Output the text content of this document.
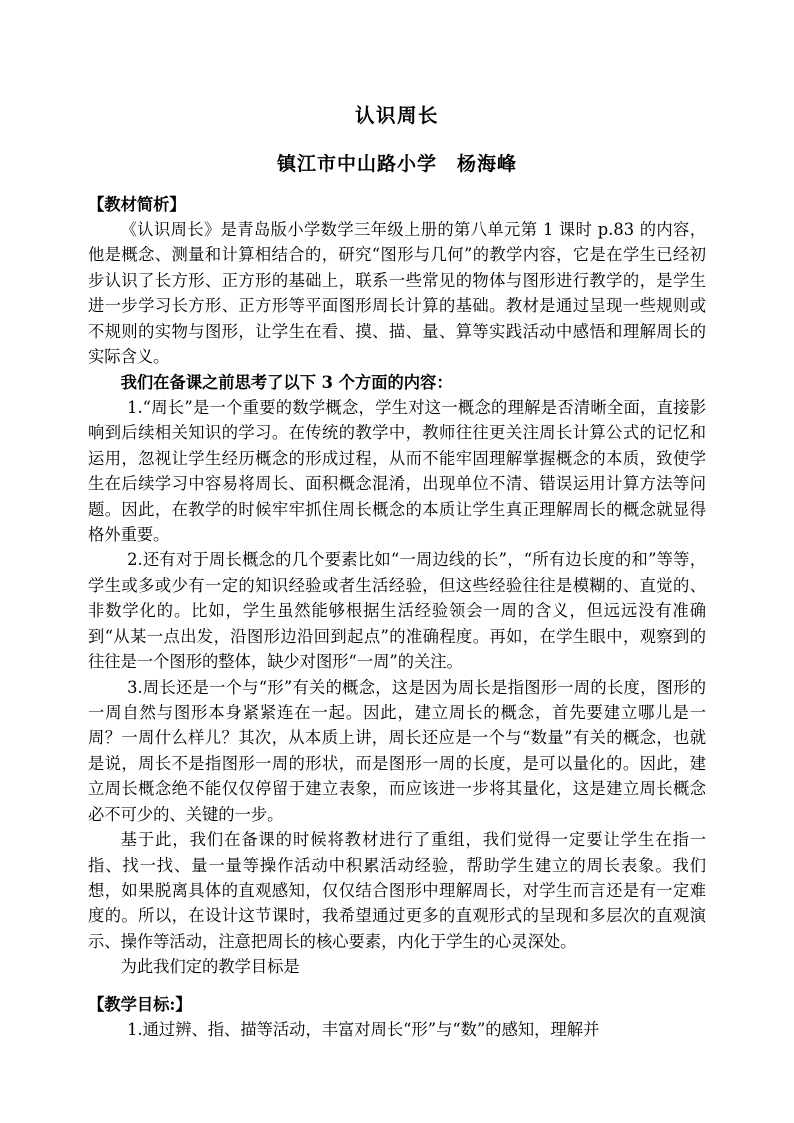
认识周长
镇江市中山路小学　杨海峰

【教材简析】

《认识周长》是青岛版小学数学三年级上册的第八单元第 1 课时 p.83 的内容，他是概念、测量和计算相结合的，研究“图形与几何”的教学内容，它是在学生已经初步认识了长方形、正方形的基础上，联系一些常见的物体与图形进行教学的，是学生进一步学习长方形、正方形等平面图形周长计算的基础。教材是通过呈现一些规则或不规则的实物与图形，让学生在看、摸、描、量、算等实践活动中感悟和理解周长的实际含义。

我们在备课之前思考了以下 3 个方面的内容：

1.“周长”是一个重要的数学概念，学生对这一概念的理解是否清晰全面，直接影响到后续相关知识的学习。在传统的教学中，教师往往更关注周长计算公式的记忆和运用，忽视让学生经历概念的形成过程，从而不能牢固理解掌握概念的本质，致使学生在后续学习中容易将周长、面积概念混淆，出现单位不清、错误运用计算方法等问题。因此，在教学的时候牢牢抓住周长概念的本质让学生真正理解周长的概念就显得格外重要。

2.还有对于周长概念的几个要素比如“一周边线的长”，“所有边长度的和”等等，学生或多或少有一定的知识经验或者生活经验，但这些经验往往是模糊的、直觉的、非数学化的。比如，学生虽然能够根据生活经验领会一周的含义，但远远没有准确到“从某一点出发，沿图形边沿回到起点”的准确程度。再如，在学生眼中，观察到的往往是一个图形的整体，缺少对图形“一周”的关注。

3.周长还是一个与“形”有关的概念，这是因为周长是指图形一周的长度，图形的一周自然与图形本身紧紧连在一起。因此，建立周长的概念，首先要建立哪儿是一周？一周什么样儿？其次，从本质上讲，周长还应是一个与“数量”有关的概念，也就是说，周长不是指图形一周的形状，而是图形一周的长度，是可以量化的。因此，建立周长概念绝不能仅仅停留于建立表象，而应该进一步将其量化，这是建立周长概念必不可少的、关键的一步。

基于此，我们在备课的时候将教材进行了重组，我们觉得一定要让学生在指一指、找一找、量一量等操作活动中积累活动经验，帮助学生建立的周长表象。我们想，如果脱离具体的直观感知，仅仅结合图形中理解周长，对学生而言还是有一定难度的。所以，在设计这节课时，我希望通过更多的直观形式的呈现和多层次的直观演示、操作等活动，注意把周长的核心要素，内化于学生的心灵深处。

为此我们定的教学目标是

【教学目标:】

1.通过辨、指、描等活动，丰富对周长“形”与“数”的感知，理解并
